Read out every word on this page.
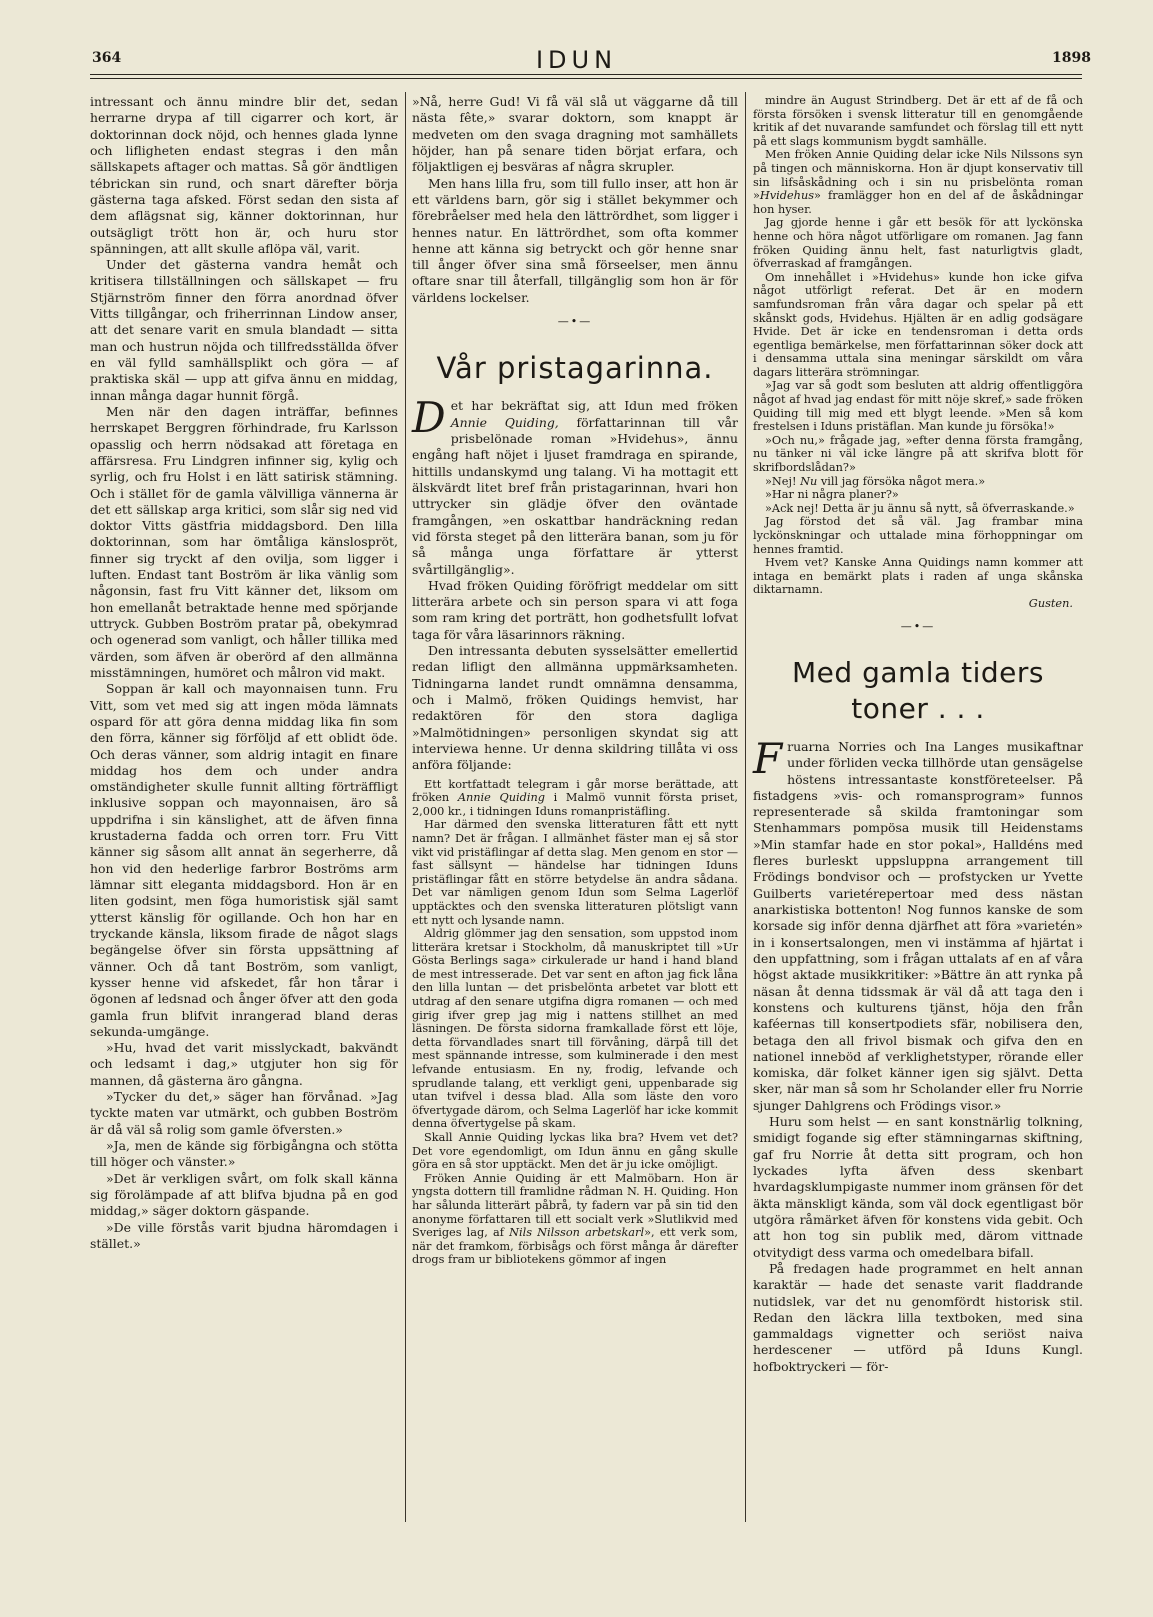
364	IDUN	1898

intressant och ännu mindre blir det, sedan herrarne drypa af till cigarrer och kort, är doktorinnan dock nöjd, och hennes glada lynne och lifligheten endast stegras i den mån sällskapets aftager och mattas. Så gör ändtligen tébrickan sin rund, och snart därefter börja gästerna taga afsked. Först sedan den sista af dem aflägsnat sig, känner doktorinnan, hur outsägligt trött hon är, och huru stor spänningen, att allt skulle aflöpa väl, varit.

Under det gästerna vandra hemåt och kritisera tillställningen och sällskapet — fru Stjärnström finner den förra anordnad öfver Vitts tillgångar, och friherrinnan Lindow anser, att det senare varit en smula blandadt — sitta man och hustrun nöjda och tillfredsställda öfver en väl fylld samhällsplikt och göra — af praktiska skäl — upp att gifva ännu en middag, innan många dagar hunnit förgå.

Men när den dagen inträffar, befinnes herrskapet Berggren förhindrade, fru Karlsson opasslig och herrn nödsakad att företaga en affärsresa. Fru Lindgren infinner sig, kylig och syrlig, och fru Holst i en lätt satirisk stämning. Och i stället för de gamla välvilliga vännerna är det ett sällskap arga kritici, som slår sig ned vid doktor Vitts gästfria middagsbord. Den lilla doktorinnan, som har ömtåliga känslospröt, finner sig tryckt af den ovilja, som ligger i luften. Endast tant Boström är lika vänlig som någonsin, fast fru Vitt känner det, liksom om hon emellanåt betraktade henne med spörjande uttryck. Gubben Boström pratar på, obekymrad och ogenerad som vanligt, och håller tillika med värden, som äfven är oberörd af den allmänna misstämningen, humöret och målron vid makt.

Soppan är kall och mayonnaisen tunn. Fru Vitt, som vet med sig att ingen möda lämnats ospard för att göra denna middag lika fin som den förra, känner sig förföljd af ett oblidt öde. Och deras vänner, som aldrig intagit en finare middag hos dem och under andra omständigheter skulle funnit allting förträffligt inklusive soppan och mayonnaisen, äro så uppdrifna i sin känslighet, att de äfven finna krustaderna fadda och orren torr. Fru Vitt känner sig såsom allt annat än segerherre, då hon vid den hederlige farbror Boströms arm lämnar sitt eleganta middagsbord. Hon är en liten godsint, men föga humoristisk själ samt ytterst känslig för ogillande. Och hon har en tryckande känsla, liksom firade de något slags begängelse öfver sin första uppsättning af vänner. Och då tant Boström, som vanligt, kysser henne vid afskedet, får hon tårar i ögonen af ledsnad och ånger öfver att den goda gamla frun blifvit inrangerad bland deras sekunda-umgänge.

»Hu, hvad det varit misslyckadt, bakvändt och ledsamt i dag,» utgjuter hon sig för mannen, då gästerna äro gångna.

»Tycker du det,» säger han förvånad. »Jag tyckte maten var utmärkt, och gubben Boström är då väl så rolig som gamle öfversten.»

»Ja, men de kände sig förbigångna och stötta till höger och vänster.»

»Det är verkligen svårt, om folk skall känna sig förolämpade af att blifva bjudna på en god middag,» säger doktorn gäspande.

»De ville förstås varit bjudna häromdagen i stället.»

»Nå, herre Gud! Vi få väl slå ut väggarne då till nästa fête,» svarar doktorn, som knappt är medveten om den svaga dragning mot samhällets höjder, han på senare tiden börjat erfara, och följaktligen ej besväras af några skrupler.

Men hans lilla fru, som till fullo inser, att hon är ett världens barn, gör sig i stället bekymmer och förebråelser med hela den lättrördhet, som ligger i hennes natur. En lättrördhet, som ofta kommer henne att känna sig betryckt och gör henne snar till ånger öfver sina små förseelser, men ännu oftare snar till återfall, tillgänglig som hon är för världens lockelser.

—•—
Vår pristagarinna.

Det har bekräftat sig, att Idun med fröken Annie Quiding, författarinnan till vår prisbelönade roman »Hvidehus», ännu engång haft nöjet i ljuset framdraga en spirande, hittills undanskymd ung talang. Vi ha mottagit ett älskvärdt litet bref från pristagarinnan, hvari hon uttrycker sin glädje öfver den oväntade framgången, »en oskattbar handräckning redan vid första steget på den litterära banan, som ju för så många unga författare är ytterst svårtillgänglig».

Hvad fröken Quiding föröfrigt meddelar om sitt litterära arbete och sin person spara vi att foga som ram kring det porträtt, hon godhetsfullt lofvat taga för våra läsarinnors räkning.

Den intressanta debuten sysselsätter emellertid redan lifligt den allmänna uppmärksamheten. Tidningarna landet rundt omnämna densamma, och i Malmö, fröken Quidings hemvist, har redaktören för den stora dagliga »Malmötidningen» personligen skyndat sig att interviewa henne. Ur denna skildring tillåta vi oss anföra följande:

Ett kortfattadt telegram i går morse berättade, att fröken Annie Quiding i Malmö vunnit första priset, 2,000 kr., i tidningen Iduns romanpristäfling.

Har därmed den svenska litteraturen fått ett nytt namn? Det är frågan. I allmänhet fäster man ej så stor vikt vid pristäflingar af detta slag. Men genom en stor — fast sällsynt — händelse har tidningen Iduns pristäflingar fått en större betydelse än andra sådana. Det var nämligen genom Idun som Selma Lagerlöf upptäcktes och den svenska litteraturen plötsligt vann ett nytt och lysande namn.

Aldrig glömmer jag den sensation, som uppstod inom litterära kretsar i Stockholm, då manuskriptet till »Ur Gösta Berlings saga» cirkulerade ur hand i hand bland de mest intresserade. Det var sent en afton jag fick låna den lilla luntan — det prisbelönta arbetet var blott ett utdrag af den senare utgifna digra romanen — och med girig ifver grep jag mig i nattens stillhet an med läsningen. De första sidorna framkallade först ett löje, detta förvandlades snart till förvåning, därpå till det mest spännande intresse, som kulminerade i den mest lefvande entusiasm. En ny, frodig, lefvande och sprudlande talang, ett verkligt geni, uppenbarade sig utan tvifvel i dessa blad. Alla som läste den voro öfvertygade därom, och Selma Lagerlöf har icke kommit denna öfvertygelse på skam.

Skall Annie Quiding lyckas lika bra? Hvem vet det? Det vore egendomligt, om Idun ännu en gång skulle göra en så stor upptäckt. Men det är ju icke omöjligt.

Fröken Annie Quiding är ett Malmöbarn. Hon är yngsta dottern till framlidne rådman N. H. Quiding. Hon har sålunda litterärt påbrå, ty fadern var på sin tid den anonyme författaren till ett socialt verk »Slutlikvid med Sveriges lag, af Nils Nilsson arbetskarl», ett verk som, när det framkom, förbisågs och först många år därefter drogs fram ur bibliotekens gömmor af ingen

mindre än August Strindberg. Det är ett af de få och första försöken i svensk litteratur till en genomgående kritik af det nuvarande samfundet och förslag till ett nytt på ett slags kommunism bygdt samhälle.

Men fröken Annie Quiding delar icke Nils Nilssons syn på tingen och människorna. Hon är djupt konservativ till sin lifsåskådning och i sin nu prisbelönta roman »Hvidehus» framlägger hon en del af de åskådningar hon hyser.

Jag gjorde henne i går ett besök för att lyckönska henne och höra något utförligare om romanen. Jag fann fröken Quiding ännu helt, fast naturligtvis gladt, öfverraskad af framgången.

Om innehållet i »Hvidehus» kunde hon icke gifva något utförligt referat. Det är en modern samfundsroman från våra dagar och spelar på ett skånskt gods, Hvidehus. Hjälten är en adlig godsägare Hvide. Det är icke en tendensroman i detta ords egentliga bemärkelse, men författarinnan söker dock att i densamma uttala sina meningar särskildt om våra dagars litterära strömningar.

»Jag var så godt som besluten att aldrig offentliggöra något af hvad jag endast för mitt nöje skref,» sade fröken Quiding till mig med ett blygt leende. »Men så kom frestelsen i Iduns pristäflan. Man kunde ju försöka!»

»Och nu,» frågade jag, »efter denna första framgång, nu tänker ni väl icke längre på att skrifva blott för skrifbordslådan?»

»Nej! Nu vill jag försöka något mera.»

»Har ni några planer?»

»Ack nej! Detta är ju ännu så nytt, så öfverraskande.»

Jag förstod det så väl. Jag frambar mina lyckönskningar och uttalade mina förhoppningar om hennes framtid.

Hvem vet? Kanske Anna Quidings namn kommer att intaga en bemärkt plats i raden af unga skånska diktarnamn.

Gusten.
—•—
Med gamla tiders toner . . .

Fruarna Norries och Ina Langes musikaftnar under förliden vecka tillhörde utan gensägelse höstens intressantaste konstföreteelser. På fistadgens »vis- och romansprogram» funnos representerade så skilda framtoningar som Stenhammars pompösa musik till Heidenstams »Min stamfar hade en stor pokal», Halldéns med fleres burleskt uppsluppna arrangement till Frödings bondvisor och — profstycken ur Yvette Guilberts varietérepertoar med dess nästan anarkistiska bottenton! Nog funnos kanske de som korsade sig inför denna djärfhet att föra »varietén» in i konsertsalongen, men vi instämma af hjärtat i den uppfattning, som i frågan uttalats af en af våra högst aktade musikkritiker: »Bättre än att rynka på näsan åt denna tidssmak är väl då att taga den i konstens och kulturens tjänst, höja den från kaféernas till konsertpodiets sfär, nobilisera den, betaga den all frivol bismak och gifva den en nationel inneböd af verklighetstyper, rörande eller komiska, där folket känner igen sig självt. Detta sker, när man så som hr Scholander eller fru Norrie sjunger Dahlgrens och Frödings visor.»

Huru som helst — en sant konstnärlig tolkning, smidigt fogande sig efter stämningarnas skiftning, gaf fru Norrie åt detta sitt program, och hon lyckades lyfta äfven dess skenbart hvardagsklumpigaste nummer inom gränsen för det äkta mänskligt kända, som väl dock egentligast bör utgöra råmärket äfven för konstens vida gebit. Och att hon tog sin publik med, därom vittnade otvitydigt dess varma och omedelbara bifall.

På fredagen hade programmet en helt annan karaktär — hade det senaste varit fladdrande nutidslek, var det nu genomfördt historisk stil. Redan den läckra lilla textboken, med sina gammaldags vignetter och seriöst naiva herdescener — utförd på Iduns Kungl. hofboktryckeri — för-
